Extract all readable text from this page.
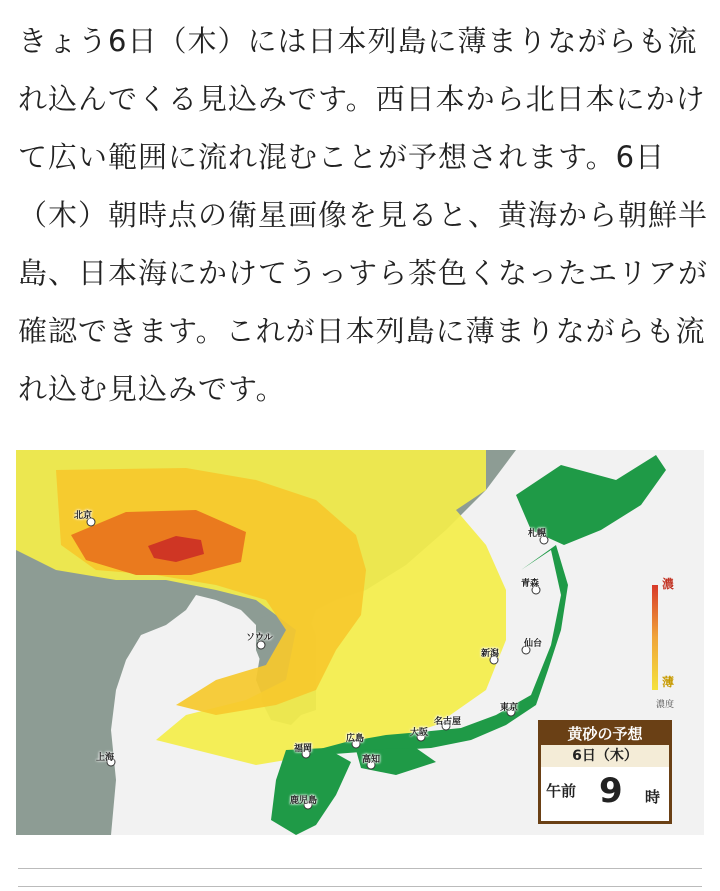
きょう6日（木）には日本列島に薄まりながらも流れ込んでくる見込みです。西日本から北日本にかけて広い範囲に流れ混むことが予想されます。6日（木）朝時点の衛星画像を見ると、黄海から朝鮮半島、日本海にかけてうっすら茶色くなったエリアが確認できます。これが日本列島に薄まりながらも流れ込む見込みです。
北京
ソウル
上海
札幌
青森
仙台
新潟
東京
名古屋
大阪
広島
福岡
高知
鹿児島
濃
薄
濃度
黄砂の予想
6日（木）
午前 9 時
